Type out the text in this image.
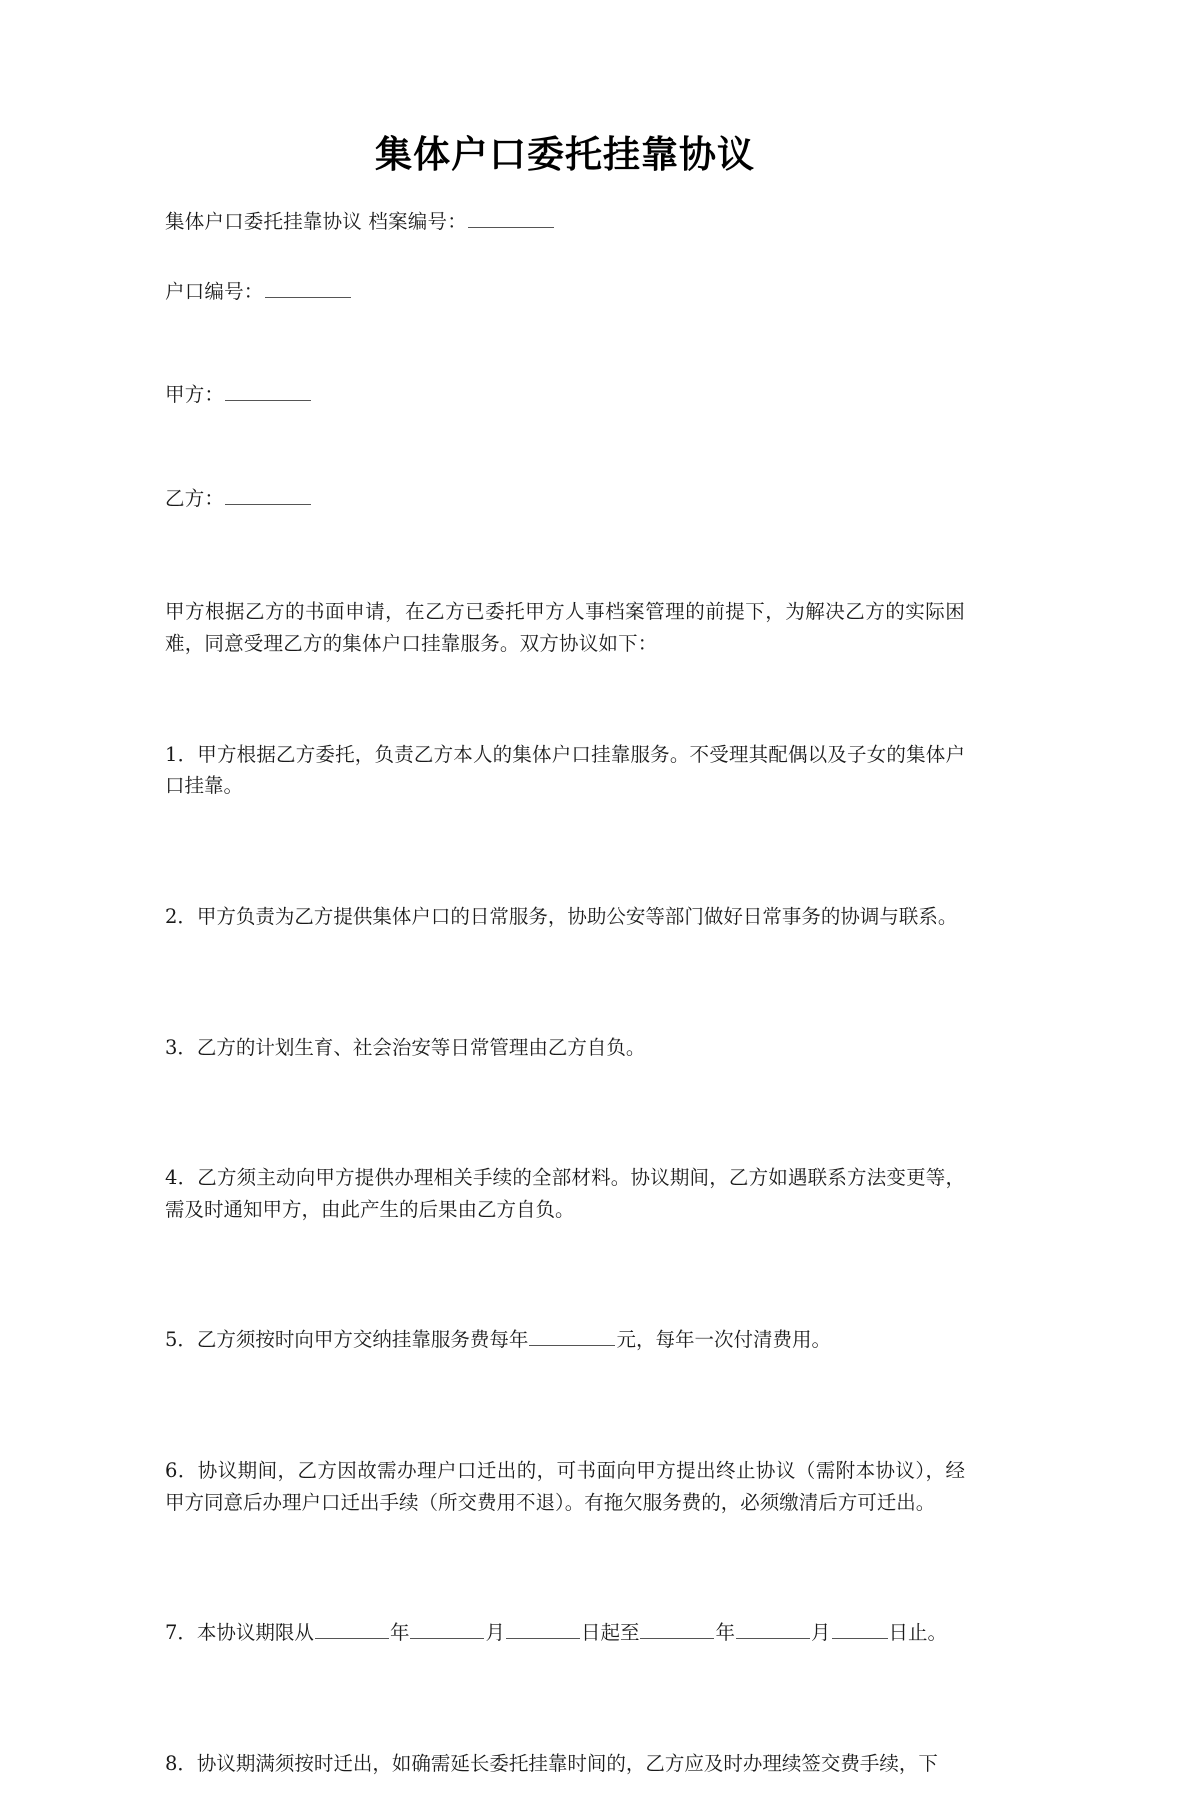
集体户口委托挂靠协议

集体户口委托挂靠协议 档案编号：

户口编号：

甲方：

乙方：

甲方根据乙方的书面申请，在乙方已委托甲方人事档案管理的前提下，为解决乙方的实际困难，同意受理乙方的集体户口挂靠服务。双方协议如下：

1．甲方根据乙方委托，负责乙方本人的集体户口挂靠服务。不受理其配偶以及子女的集体户口挂靠。

2．甲方负责为乙方提供集体户口的日常服务，协助公安等部门做好日常事务的协调与联系。

3．乙方的计划生育、社会治安等日常管理由乙方自负。

4．乙方须主动向甲方提供办理相关手续的全部材料。协议期间，乙方如遇联系方法变更等，需及时通知甲方，由此产生的后果由乙方自负。

5．乙方须按时向甲方交纳挂靠服务费每年	元，每年一次付清费用。

6．协议期间，乙方因故需办理户口迁出的，可书面向甲方提出终止协议（需附本协议），经甲方同意后办理户口迁出手续（所交费用不退）。有拖欠服务费的，必须缴清后方可迁出。

7．本协议期限从	年	月	日起至	年	月	日止。

8．协议期满须按时迁出，如确需延长委托挂靠时间的，乙方应及时办理续签交费手续，下
